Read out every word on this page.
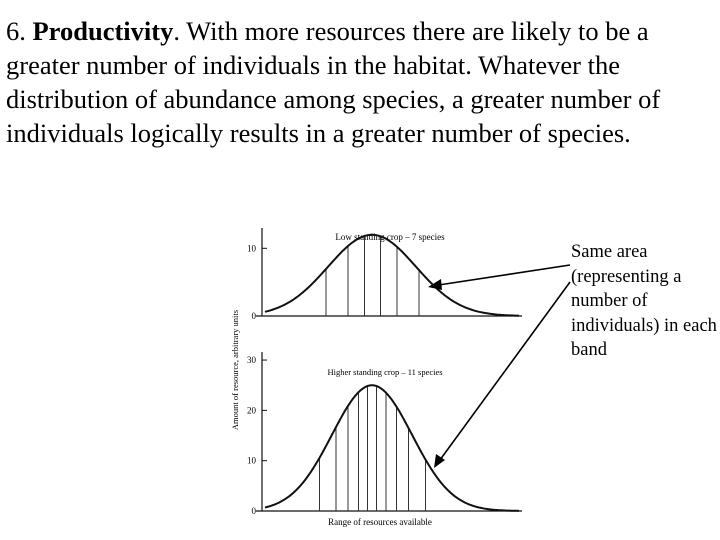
6. Productivity. With more resources there are likely to be a greater number of individuals in the habitat. Whatever the distribution of abundance among species, a greater number of individuals logically results in a greater number of species.

Low standing crop – 7 species
10
0
Higher standing crop – 11 species
Range of resources available
30
20
10
0
Amount of resource, arbitrary units

Same area (representing a number of individuals) in each band
